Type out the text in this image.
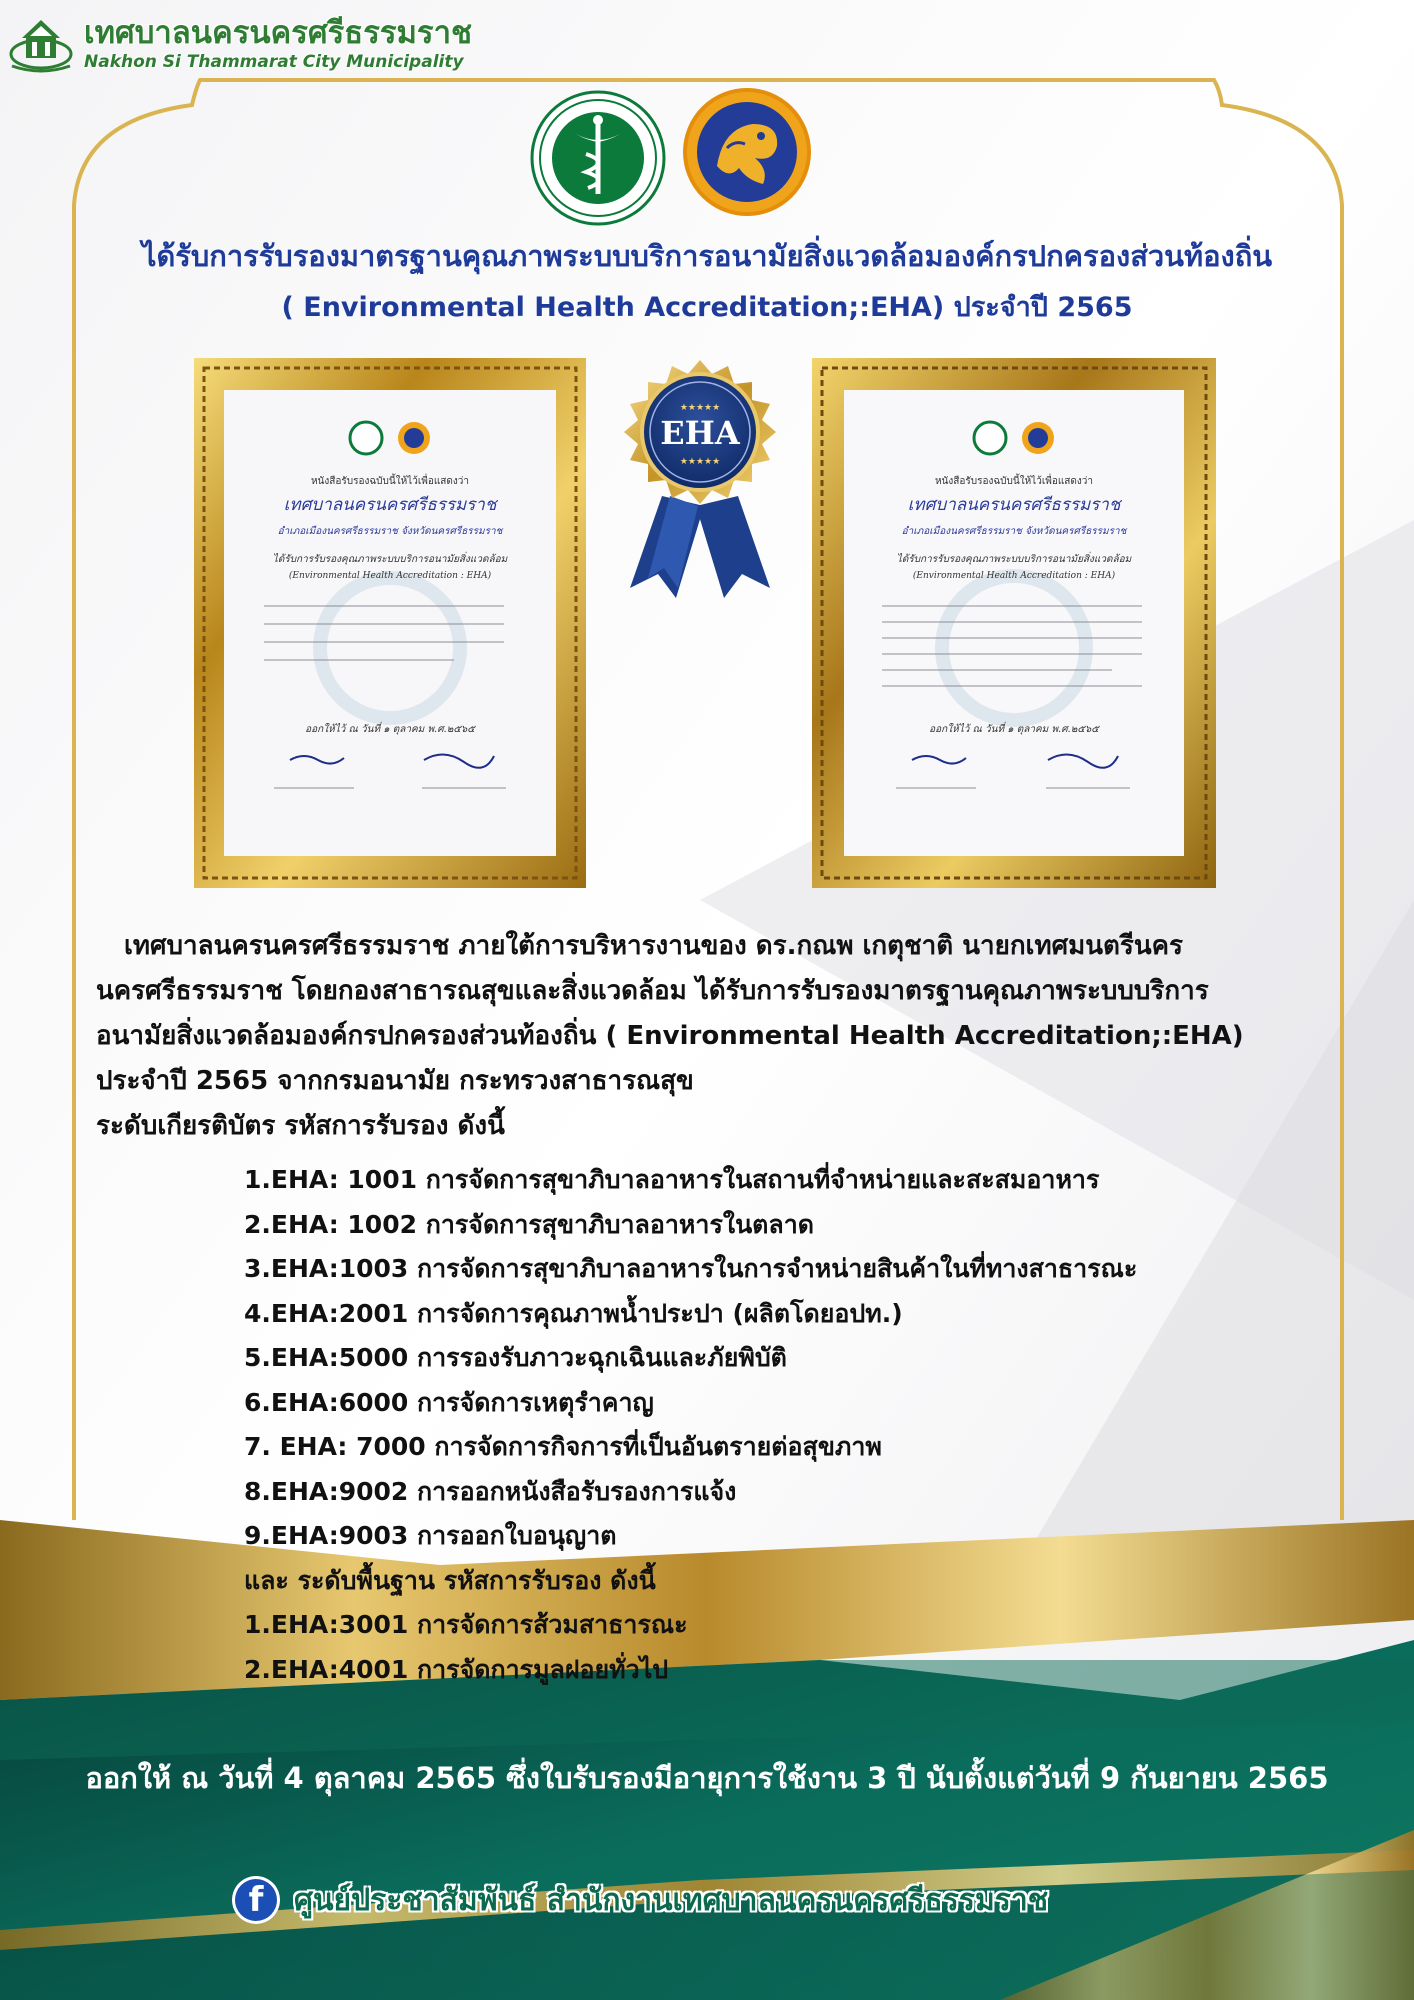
เทศบาลนครนครศรีธรรมราช
Nakhon Si Thammarat City Municipality
ได้รับการรับรองมาตรฐานคุณภาพระบบบริการอนามัยสิ่งแวดล้อมองค์กรปกครองส่วนท้องถิ่น
( Environmental Health Accreditation;:EHA) ประจำปี 2565
หนังสือรับรองฉบับนี้ให้ไว้เพื่อแสดงว่า
เทศบาลนครนครศรีธรรมราช
อำเภอเมืองนครศรีธรรมราช จังหวัดนครศรีธรรมราช
ได้รับการรับรองคุณภาพระบบบริการอนามัยสิ่งแวดล้อม
(Environmental Health Accreditation : EHA)
ออกให้ไว้ ณ วันที่ ๑ ตุลาคม พ.ศ.๒๕๖๕
EHA
★★★★★
★★★★★
หนังสือรับรองฉบับนี้ให้ไว้เพื่อแสดงว่า
เทศบาลนครนครศรีธรรมราช
อำเภอเมืองนครศรีธรรมราช จังหวัดนครศรีธรรมราช
ได้รับการรับรองคุณภาพระบบบริการอนามัยสิ่งแวดล้อม
(Environmental Health Accreditation : EHA)
ออกให้ไว้ ณ วันที่ ๑ ตุลาคม พ.ศ.๒๕๖๕
เทศบาลนครนครศรีธรรมราช ภายใต้การบริหารงานของ ดร.กณพ เกตุชาติ นายกเทศมนตรีนคร
นครศรีธรรมราช โดยกองสาธารณสุขและสิ่งแวดล้อม ได้รับการรับรองมาตรฐานคุณภาพระบบบริการ
อนามัยสิ่งแวดล้อมองค์กรปกครองส่วนท้องถิ่น ( Environmental Health Accreditation;:EHA)
ประจำปี 2565 จากกรมอนามัย กระทรวงสาธารณสุข
ระดับเกียรติบัตร รหัสการรับรอง ดังนี้
1.EHA: 1001 การจัดการสุขาภิบาลอาหารในสถานที่จำหน่ายและสะสมอาหาร
2.EHA: 1002 การจัดการสุขาภิบาลอาหารในตลาด
3.EHA:1003 การจัดการสุขาภิบาลอาหารในการจำหน่ายสินค้าในที่ทางสาธารณะ
4.EHA:2001 การจัดการคุณภาพน้ำประปา (ผลิตโดยอปท.)
5.EHA:5000 การรองรับภาวะฉุกเฉินและภัยพิบัติ
6.EHA:6000 การจัดการเหตุรำคาญ
7. EHA: 7000 การจัดการกิจการที่เป็นอันตรายต่อสุขภาพ
8.EHA:9002 การออกหนังสือรับรองการแจ้ง
9.EHA:9003 การออกใบอนุญาต
และ ระดับพื้นฐาน รหัสการรับรอง ดังนี้
1.EHA:3001 การจัดการส้วมสาธารณะ
2.EHA:4001 การจัดการมูลฝอยทั่วไป
ออกให้ ณ วันที่ 4 ตุลาคม 2565 ซึ่งใบรับรองมีอายุการใช้งาน 3 ปี นับตั้งแต่วันที่ 9 กันยายน 2565
f	ศูนย์ประชาสัมพันธ์ สำนักงานเทศบาลนครนครศรีธรรมราช
